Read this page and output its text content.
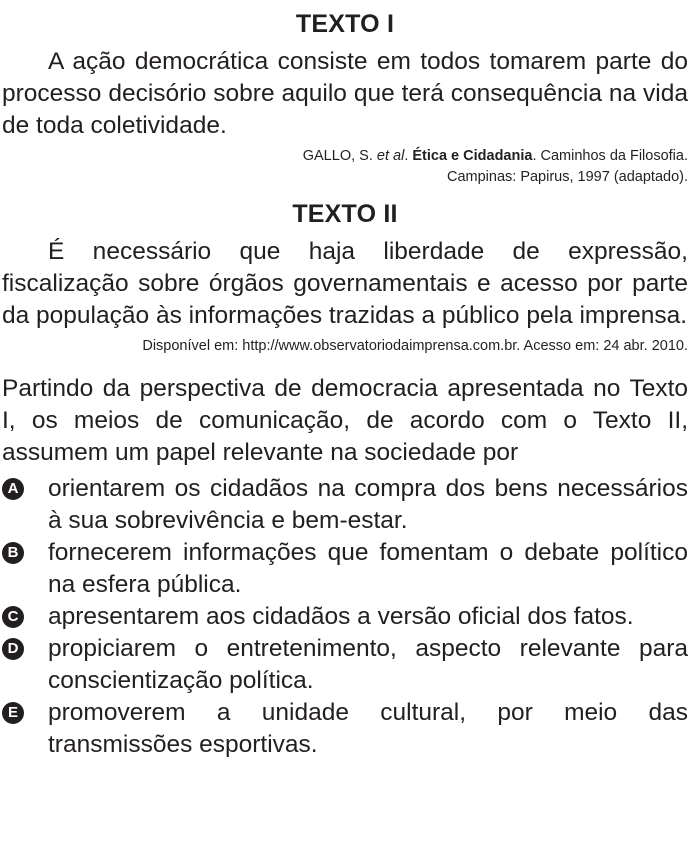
TEXTO I

A ação democrática consiste em todos tomarem parte do processo decisório sobre aquilo que terá consequência na vida de toda coletividade.

GALLO, S. et al. Ética e Cidadania. Caminhos da Filosofia.
Campinas: Papirus, 1997 (adaptado).

TEXTO II

É necessário que haja liberdade de expressão, fiscalização sobre órgãos governamentais e acesso por parte da população às informações trazidas a público pela imprensa.

Disponível em: http://www.observatoriodaimprensa.com.br. Acesso em: 24 abr. 2010.

Partindo da perspectiva de democracia apresentada no Texto I, os meios de comunicação, de acordo com o Texto II, assumem um papel relevante na sociedade por

A orientarem os cidadãos na compra dos bens necessários à sua sobrevivência e bem-estar.
B fornecerem informações que fomentam o debate político na esfera pública.
C apresentarem aos cidadãos a versão oficial dos fatos.
D propiciarem o entretenimento, aspecto relevante para conscientização política.
E promoverem a unidade cultural, por meio das transmissões esportivas.
